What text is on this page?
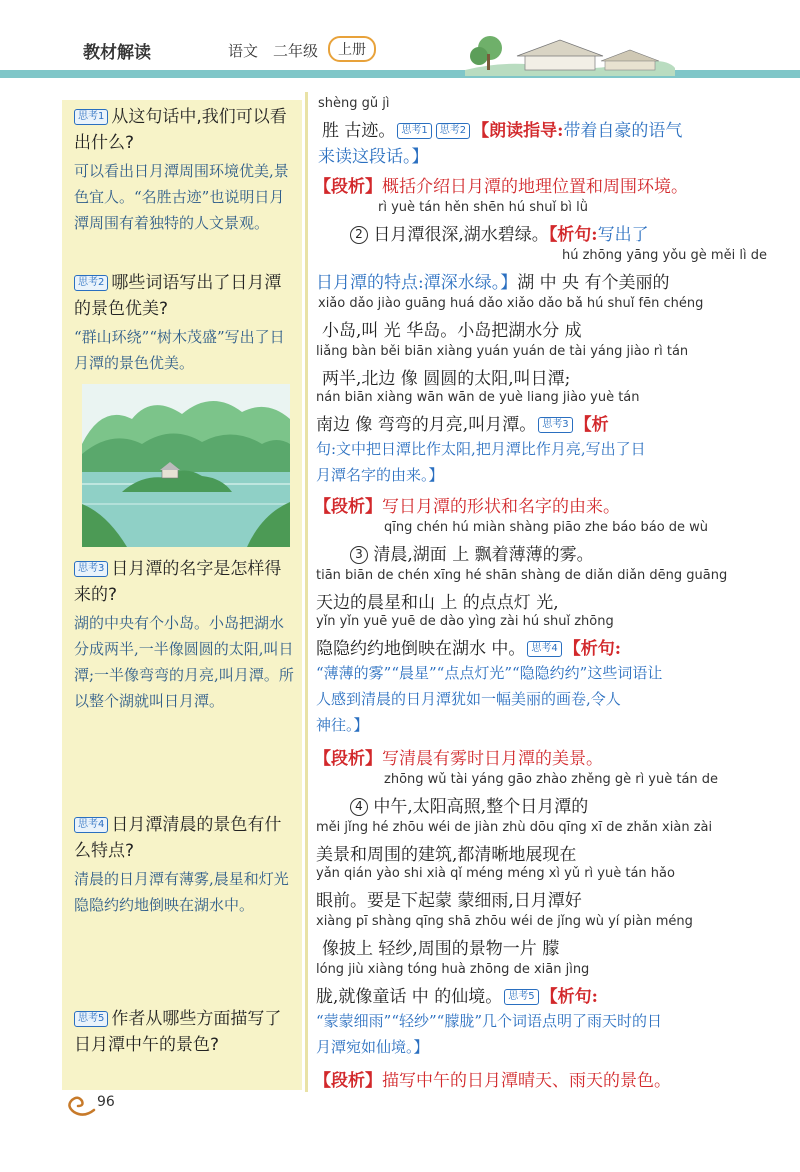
教材解读	语文　二年级	上册
思考1 从这句话中,我们可以看出什么?
可以看出日月潭周围环境优美,景色宜人。“名胜古迹”也说明日月潭周围有着独特的人文景观。
思考2 哪些词语写出了日月潭的景色优美?
“群山环绕”“树木茂盛”写出了日月潭的景色优美。
思考3 日月潭的名字是怎样得来的?
湖的中央有个小岛。小岛把湖水分成两半,一半像圆圆的太阳,叫日潭;一半像弯弯的月亮,叫月潭。所以整个湖就叫日月潭。
思考4 日月潭清晨的景色有什么特点?
清晨的日月潭有薄雾,晨星和灯光隐隐约约地倒映在湖水中。
思考5 作者从哪些方面描写了日月潭中午的景色?
shèng gǔ jì
胜 古迹。 思考1 思考2 【朗读指导:带着自豪的语气
来读这段话。】
【段析】概括介绍日月潭的地理位置和周围环境。
rì yuè tán hěn shēn hú shuǐ bì lǜ
2 日月潭很深,湖水碧绿。【析句:写出了
hú zhōng yāng yǒu gè měi lì de
日月潭的特点:潭深水绿。】湖 中 央 有个美丽的
xiǎo dǎo jiào guāng huá dǎo xiǎo dǎo bǎ hú shuǐ fēn chéng
小岛,叫 光 华岛。小岛把湖水分 成
liǎng bàn běi biān xiàng yuán yuán de tài yáng jiào rì tán
两半,北边 像 圆圆的太阳,叫日潭;
nán biān xiàng wān wān de yuè liang jiào yuè tán
南边 像 弯弯的月亮,叫月潭。 思考3 【析
句:文中把日潭比作太阳,把月潭比作月亮,写出了日
月潭名字的由来。】
【段析】写日月潭的形状和名字的由来。
qīng chén hú miàn shàng piāo zhe báo báo de wù
3 清晨,湖面 上 飘着薄薄的雾。
tiān biān de chén xīng hé shān shàng de diǎn diǎn dēng guāng
天边的晨星和山 上 的点点灯 光,
yǐn yǐn yuē yuē de dào yìng zài hú shuǐ zhōng
隐隐约约地倒映在湖水 中。 思考4 【析句:
“薄薄的雾”“晨星”“点点灯光”“隐隐约约”这些词语让
人感到清晨的日月潭犹如一幅美丽的画卷,令人
神往。】
【段析】写清晨有雾时日月潭的美景。
zhōng wǔ tài yáng gāo zhào zhěng gè rì yuè tán de
4 中午,太阳高照,整个日月潭的
měi jǐng hé zhōu wéi de jiàn zhù dōu qīng xī de zhǎn xiàn zài
美景和周围的建筑,都清晰地展现在
yǎn qián yào shi xià qǐ méng méng xì yǔ rì yuè tán hǎo
眼前。要是下起蒙 蒙细雨,日月潭好
xiàng pī shàng qīng shā zhōu wéi de jǐng wù yí piàn méng
像披上 轻纱,周围的景物一片 朦
lóng jiù xiàng tóng huà zhōng de xiān jìng
胧,就像童话 中 的仙境。 思考5 【析句:
“蒙蒙细雨”“轻纱”“朦胧”几个词语点明了雨天时的日
月潭宛如仙境。】
【段析】描写中午的日月潭晴天、雨天的景色。
96
